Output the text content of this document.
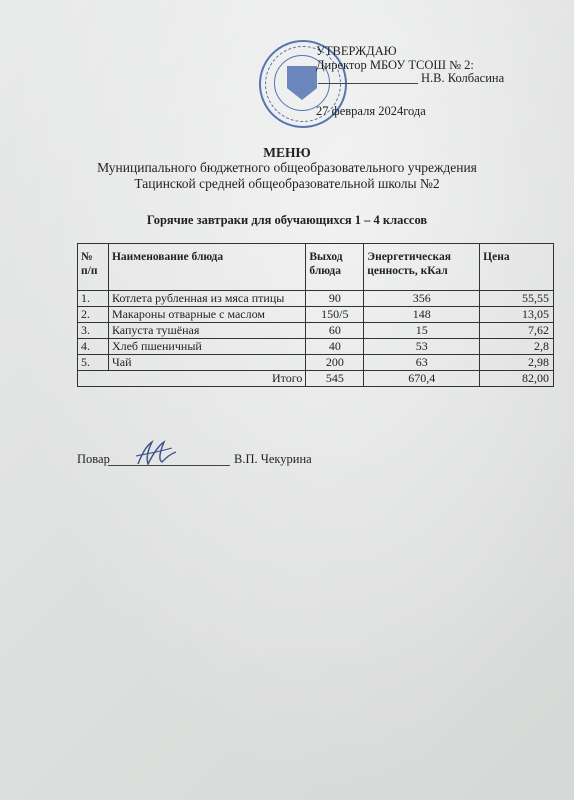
УТВЕРЖДАЮ
Директор МБОУ ТСОШ № 2:
Н.В. Колбасина
27 февраля 2024года
МЕНЮ
Муниципального бюджетного общеобразовательного учреждения
Тацинской средней общеобразовательной школы №2
Горячие завтраки для обучающихся 1 – 4 классов
№ п/п	Наименование блюда	Выход блюда	Энергетическая ценность, кКал	Цена
1.	Котлета рубленная из мяса птицы	90	356	55,55
2.	Макароны отварные с маслом	150/5	148	13,05
3.	Капуста тушёная	60	15	7,62
4.	Хлеб пшеничный	40	53	2,8
5.	Чай	200	63	2,98
Итого		545	670,4	82,00
Повар	В.П. Чекурина
